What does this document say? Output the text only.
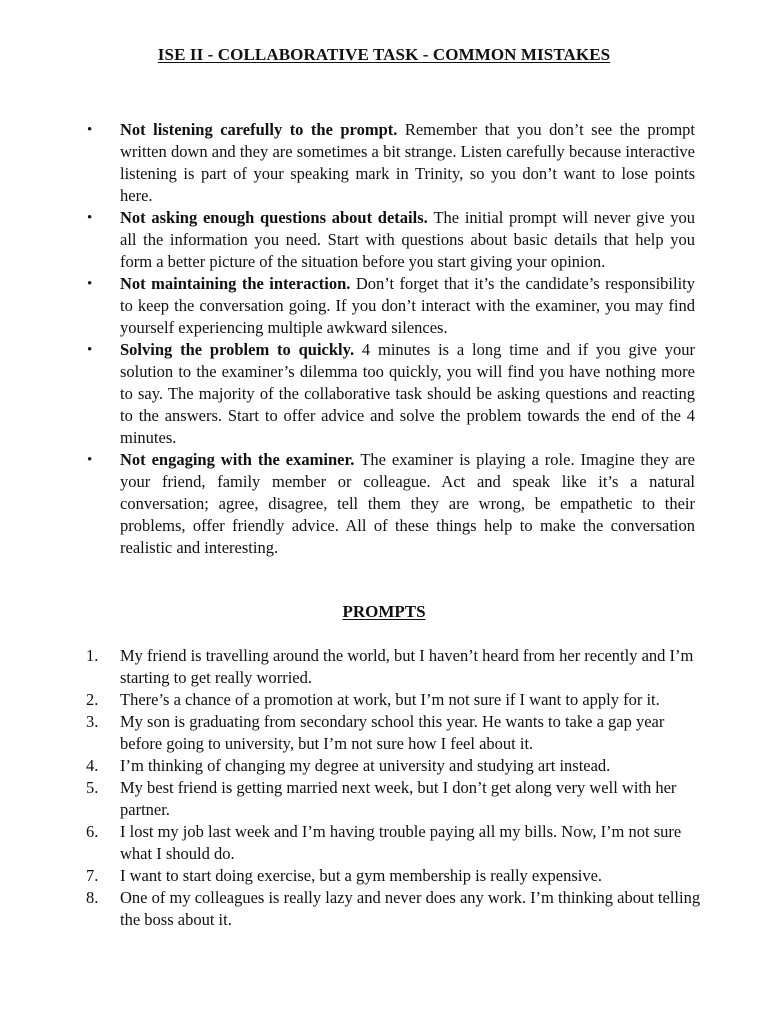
ISE II - COLLABORATIVE TASK - COMMON MISTAKES
• Not listening carefully to the prompt. Remember that you don’t see the prompt written down and they are sometimes a bit strange. Listen carefully because interactive listening is part of your speaking mark in Trinity, so you don’t want to lose points here.
• Not asking enough questions about details. The initial prompt will never give you all the information you need. Start with questions about basic details that help you form a better picture of the situation before you start giving your opinion.
• Not maintaining the interaction. Don’t forget that it’s the candidate’s responsibility to keep the conversation going. If you don’t interact with the examiner, you may find yourself experiencing multiple awkward silences.
• Solving the problem to quickly. 4 minutes is a long time and if you give your solution to the examiner’s dilemma too quickly, you will find you have nothing more to say. The majority of the collaborative task should be asking questions and reacting to the answers. Start to offer advice and solve the problem towards the end of the 4 minutes.
• Not engaging with the examiner. The examiner is playing a role. Imagine they are your friend, family member or colleague. Act and speak like it’s a natural conversation; agree, disagree, tell them they are wrong, be empathetic to their problems, offer friendly advice. All of these things help to make the conversation realistic and interesting.
PROMPTS
1. My friend is travelling around the world, but I haven’t heard from her recently and I’m starting to get really worried.
2. There’s a chance of a promotion at work, but I’m not sure if I want to apply for it.
3. My son is graduating from secondary school this year. He wants to take a gap year before going to university, but I’m not sure how I feel about it.
4. I’m thinking of changing my degree at university and studying art instead.
5. My best friend is getting married next week, but I don’t get along very well with her partner.
6. I lost my job last week and I’m having trouble paying all my bills. Now, I’m not sure what I should do.
7. I want to start doing exercise, but a gym membership is really expensive.
8. One of my colleagues is really lazy and never does any work. I’m thinking about telling the boss about it.
